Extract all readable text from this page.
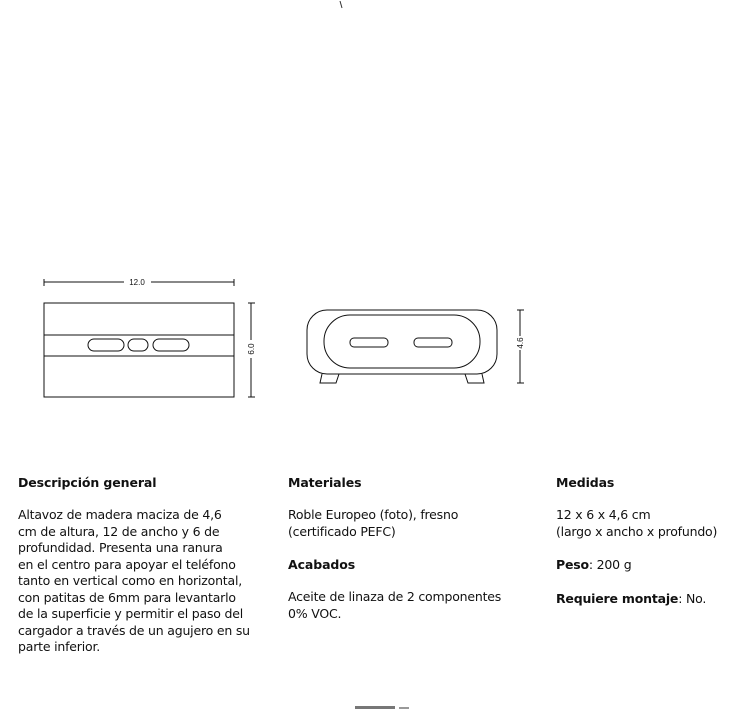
12.0
6.0
4.6
Descripción general

Altavoz de madera maciza de 4,6
cm de altura, 12 de ancho y 6 de
profundidad. Presenta una ranura
en el centro para apoyar el teléfono
tanto en vertical como en horizontal,
con patitas de 6mm para levantarlo
de la superficie y permitir el paso del
cargador a través de un agujero en su
parte inferior.

Materiales

Roble Europeo (foto), fresno
(certificado PEFC)

Acabados

Aceite de linaza de 2 componentes
0% VOC.

Medidas

12 x 6 x 4,6 cm
(largo x ancho x profundo)

Peso: 200 g

Requiere montaje: No.
